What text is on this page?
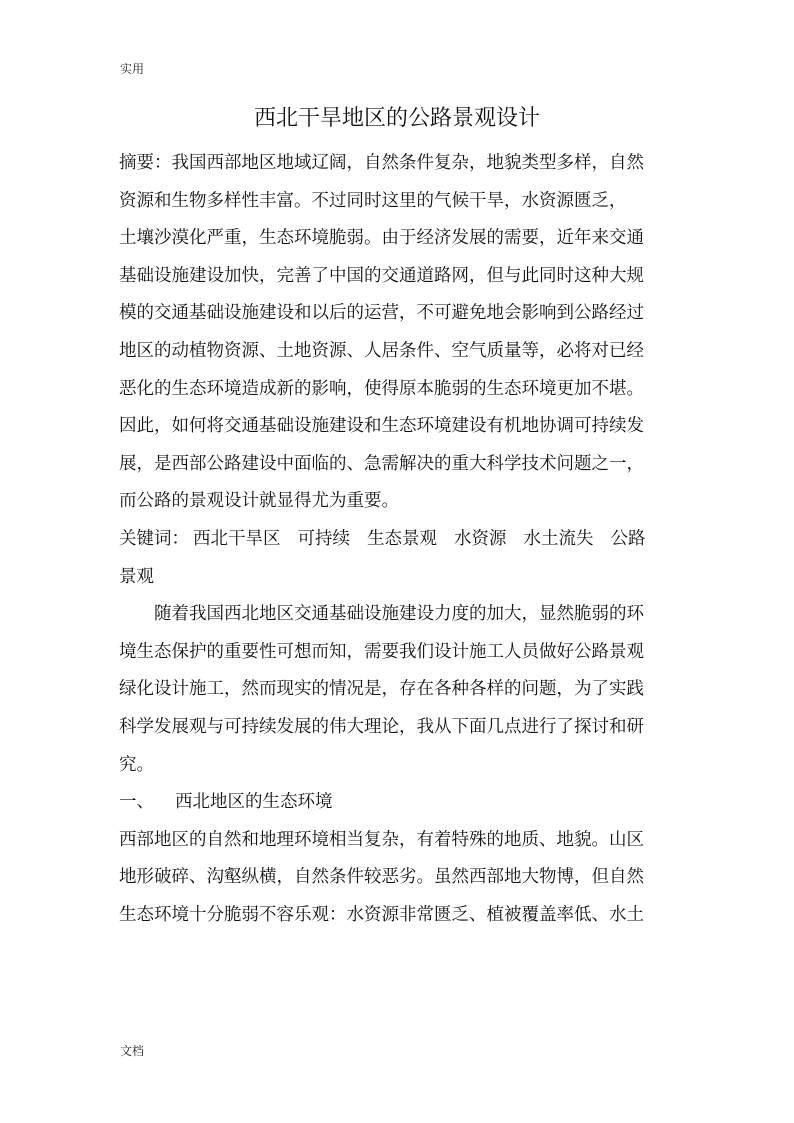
实用
西北干旱地区的公路景观设计
摘要：我国西部地区地域辽阔，自然条件复杂，地貌类型多样，自然
资源和生物多样性丰富。不过同时这里的气候干旱，水资源匮乏，
土壤沙漠化严重，生态环境脆弱。由于经济发展的需要，近年来交通
基础设施建设加快，完善了中国的交通道路网，但与此同时这种大规
模的交通基础设施建设和以后的运营，不可避免地会影响到公路经过
地区的动植物资源、土地资源、人居条件、空气质量等，必将对已经
恶化的生态环境造成新的影响，使得原本脆弱的生态环境更加不堪。
因此，如何将交通基础设施建设和生态环境建设有机地协调可持续发
展，是西部公路建设中面临的、急需解决的重大科学技术问题之一，
而公路的景观设计就显得尤为重要。
关键词： 西北干旱区 可持续 生态景观 水资源 水土流失 公路
景观
随着我国西北地区交通基础设施建设力度的加大，显然脆弱的环
境生态保护的重要性可想而知，需要我们设计施工人员做好公路景观
绿化设计施工，然而现实的情况是，存在各种各样的问题，为了实践
科学发展观与可持续发展的伟大理论，我从下面几点进行了探讨和研
究。
一、 西北地区的生态环境
西部地区的自然和地理环境相当复杂，有着特殊的地质、地貌。山区
地形破碎、沟壑纵横，自然条件较恶劣。虽然西部地大物博，但自然
生态环境十分脆弱不容乐观：水资源非常匮乏、植被覆盖率低、水土
文档
